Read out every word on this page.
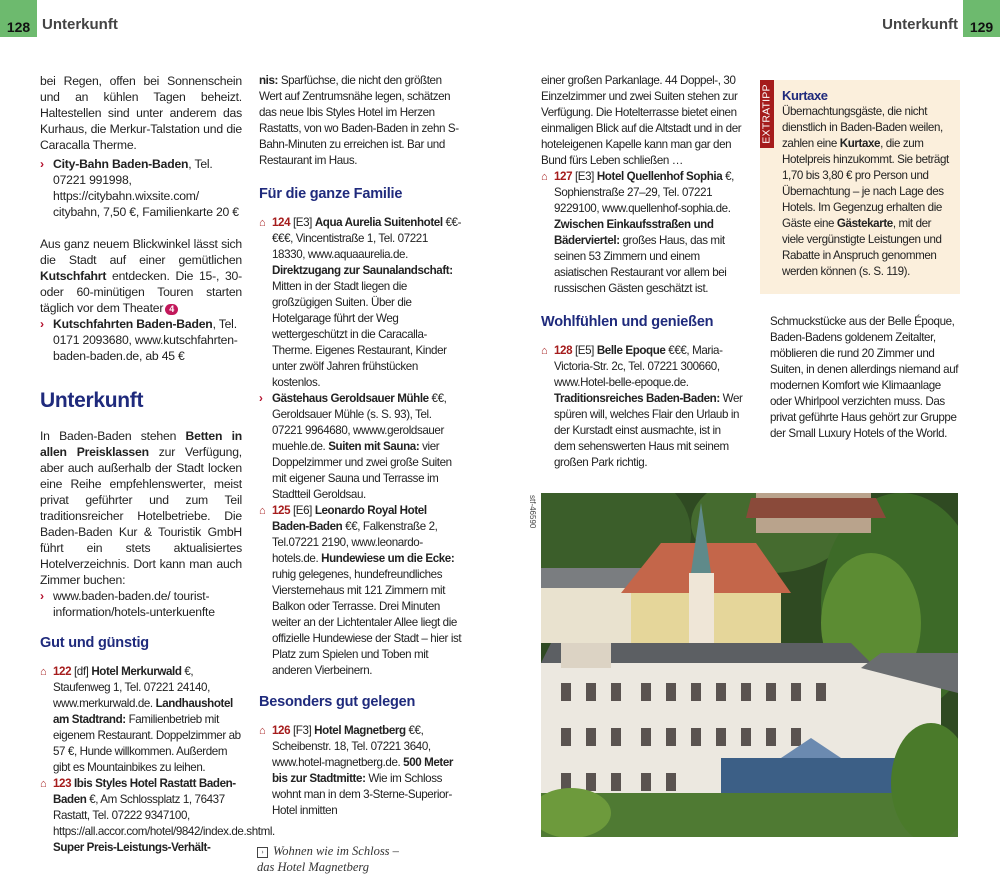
128 Unterkunft	Unterkunft 129

bei Regen, offen bei Sonnenschein und an kühlen Tagen beheizt. Haltestellen sind unter anderem das Kurhaus, die Merkur-Talstation und die Caracalla Therme.

› City-Bahn Baden-Baden, Tel. 07221 991998, https://citybahn.wixsite.com/ citybahn, 7,50 €, Familienkarte 20 €

Aus ganz neuem Blickwinkel lässt sich die Stadt auf einer gemütlichen Kutschfahrt entdecken. Die 15-, 30- oder 60-minütigen Touren starten täglich vor dem Theater 4

› Kutschfahrten Baden-Baden, Tel. 0171 2093680, www.kutschfahrten-baden-baden.de, ab 45 €

Unterkunft

In Baden-Baden stehen Betten in allen Preisklassen zur Verfügung, aber auch außerhalb der Stadt locken eine Reihe empfehlenswerter, meist privat geführter und zum Teil traditionsreicher Hotelbetriebe. Die Baden-Baden Kur & Touristik GmbH führt ein stets aktualisiertes Hotelverzeichnis. Dort kann man auch Zimmer buchen:

› www.baden-baden.de/ tourist-information/hotels-unterkuenfte

Gut und günstig

⌂ 122 [df] Hotel Merkurwald €, Staufenweg 1, Tel. 07221 24140, www.merkurwald.de. Landhaushotel am Stadtrand: Familienbetrieb mit eigenem Restaurant. Doppelzimmer ab 57 €, Hunde willkommen. Außerdem gibt es Mountainbikes zu leihen.

⌂ 123 Ibis Styles Hotel Rastatt Baden-Baden €, Am Schlossplatz 1, 76437 Rastatt, Tel. 07222 9347100, https://all.accor.com/hotel/9842/index.de.shtml. Super Preis-Leistungs-Verhält-

nis: Sparfüchse, die nicht den größten Wert auf Zentrumsnähe legen, schätzen das neue Ibis Styles Hotel im Herzen Rastatts, von wo Baden-Baden in zehn S-Bahn-Minuten zu erreichen ist. Bar und Restaurant im Haus.

Für die ganze Familie

⌂ 124 [E3] Aqua Aurelia Suitenhotel €€-€€€, Vincentistraße 1, Tel. 07221 18330, www.aquaaurelia.de. Direktzugang zur Saunalandschaft: Mitten in der Stadt liegen die großzügigen Suiten. Über die Hotelgarage führt der Weg wettergeschützt in die Caracalla-Therme. Eigenes Restaurant, Kinder unter zwölf Jahren frühstücken kostenlos.

› Gästehaus Geroldsauer Mühle €€, Geroldsauer Mühle (s. S. 93), Tel. 07221 9964680, wwww.geroldsauer muehle.de. Suiten mit Sauna: vier Doppelzimmer und zwei große Suiten mit eigener Sauna und Terrasse im Stadtteil Geroldsau.

⌂ 125 [E6] Leonardo Royal Hotel Baden-Baden €€, Falkenstraße 2, Tel.07221 2190, www.leonardo-hotels.de. Hundewiese um die Ecke: ruhig gelegenes, hundefreundliches Viersternehaus mit 121 Zimmern mit Balkon oder Terrasse. Drei Minuten weiter an der Lichtentaler Allee liegt die offizielle Hundewiese der Stadt – hier ist Platz zum Spielen und Toben mit anderen Vierbeinern.

Besonders gut gelegen

⌂ 126 [F3] Hotel Magnetberg €€, Scheibenstr. 18, Tel. 07221 3640, www.hotel-magnetberg.de. 500 Meter bis zur Stadtmitte: Wie im Schloss wohnt man in dem 3-Sterne-Superior-Hotel inmitten

› Wohnen wie im Schloss –
das Hotel Magnetberg

einer großen Parkanlage. 44 Doppel-, 30 Einzelzimmer und zwei Suiten stehen zur Verfügung. Die Hotelterrasse bietet einen einmaligen Blick auf die Altstadt und in der hoteleigenen Kapelle kann man gar den Bund fürs Leben schließen …

⌂ 127 [E3] Hotel Quellenhof Sophia €, Sophienstraße 27–29, Tel. 07221 9229100, www.quellenhof-sophia.de. Zwischen Einkaufsstraßen und Bäderviertel: großes Haus, das mit seinen 53 Zimmern und einem asiatischen Restaurant vor allem bei russischen Gästen geschätzt ist.

Wohlfühlen und genießen

⌂ 128 [E5] Belle Epoque €€€, Maria-Victoria-Str. 2c, Tel. 07221 300660, www.Hotel-belle-epoque.de. Traditionsreiches Baden-Baden: Wer spüren will, welches Flair den Urlaub in der Kurstadt einst ausmachte, ist in dem sehenswerten Haus mit seinem großen Park richtig.

EXTRATIPP Kurtaxe

Übernachtungsgäste, die nicht dienstlich in Baden-Baden weilen, zahlen eine Kurtaxe, die zum Hotelpreis hinzukommt. Sie beträgt 1,70 bis 3,80 € pro Person und Übernachtung – je nach Lage des Hotels. Im Gegenzug erhalten die Gäste eine Gästekarte, mit der viele vergünstigte Leistungen und Rabatte in Anspruch genommen werden können (s. S. 119).

Schmuckstücke aus der Belle Époque, Baden-Badens goldenem Zeitalter, möblieren die rund 20 Zimmer und Suiten, in denen allerdings niemand auf modernen Komfort wie Klimaanlage oder Whirlpool verzichten muss. Das privat geführte Haus gehört zur Gruppe der Small Luxury Hotels of the World.

stf-46590
